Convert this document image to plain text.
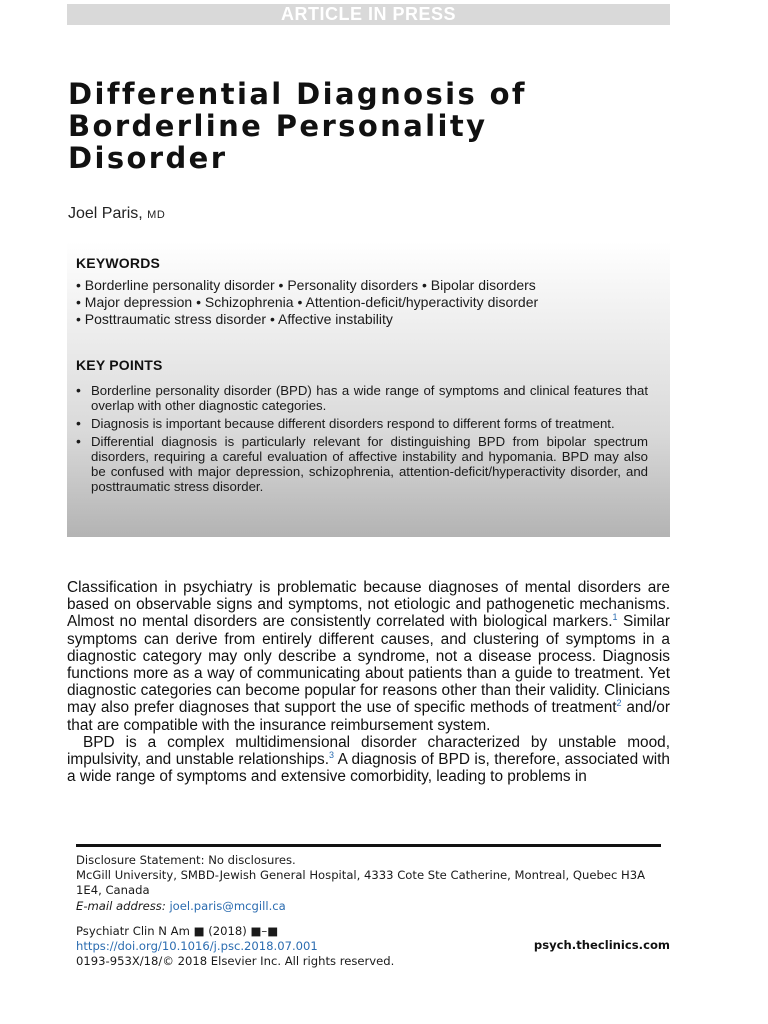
ARTICLE IN PRESS
Differential Diagnosis of
Borderline Personality
Disorder
Joel Paris, MD
KEYWORDS
• Borderline personality disorder • Personality disorders • Bipolar disorders
• Major depression • Schizophrenia • Attention-deficit/hyperactivity disorder
• Posttraumatic stress disorder • Affective instability
KEY POINTS
• Borderline personality disorder (BPD) has a wide range of symptoms and clinical features that overlap with other diagnostic categories.
• Diagnosis is important because different disorders respond to different forms of treatment.
• Differential diagnosis is particularly relevant for distinguishing BPD from bipolar spectrum disorders, requiring a careful evaluation of affective instability and hypomania. BPD may also be confused with major depression, schizophrenia, attention-deficit/hyperactivity disorder, and posttraumatic stress disorder.

Classification in psychiatry is problematic because diagnoses of mental disorders are based on observable signs and symptoms, not etiologic and pathogenetic mechanisms. Almost no mental disorders are consistently correlated with biological markers.$^1$ Similar symptoms can derive from entirely different causes, and clustering of symptoms in a diagnostic category may only describe a syndrome, not a disease process. Diagnosis functions more as a way of communicating about patients than a guide to treatment. Yet diagnostic categories can become popular for reasons other than their validity. Clinicians may also prefer diagnoses that support the use of specific methods of treatment$^2$ and/or that are compatible with the insurance reimbursement system.

BPD is a complex multidimensional disorder characterized by unstable mood, impulsivity, and unstable relationships.$^3$ A diagnosis of BPD is, therefore, associated with a wide range of symptoms and extensive comorbidity, leading to problems in

Disclosure Statement: No disclosures.

McGill University, SMBD-Jewish General Hospital, 4333 Cote Ste Catherine, Montreal, Quebec H3A 1E4, Canada

E-mail address: joel.paris@mcgill.ca

Psychiatr Clin N Am ■ (2018) ■–■

https://doi.org/10.1016/j.psc.2018.07.001

0193-953X/18/© 2018 Elsevier Inc. All rights reserved.

psych.theclinics.com
